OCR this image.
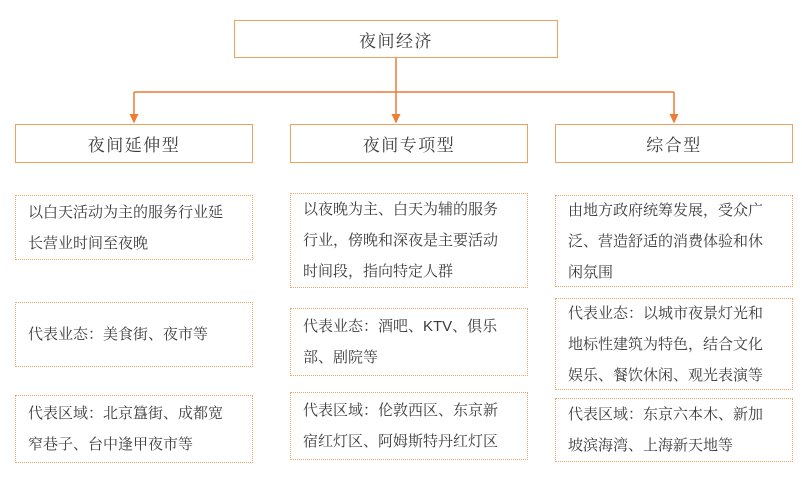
夜间经济
夜间延伸型	夜间专项型	综合型
以白天活动为主的服务行业延长营业时间至夜晚
代表业态：美食街、夜市等
代表区域：北京簋街、成都宽窄巷子、台中逢甲夜市等
以夜晚为主、白天为辅的服务行业，傍晚和深夜是主要活动时间段，指向特定人群
代表业态：酒吧、KTV、俱乐部、剧院等
代表区域：伦敦西区、东京新宿红灯区、阿姆斯特丹红灯区
由地方政府统筹发展，受众广泛、营造舒适的消费体验和休闲氛围
代表业态：以城市夜景灯光和地标性建筑为特色，结合文化娱乐、餐饮休闲、观光表演等
代表区域：东京六本木、新加坡滨海湾、上海新天地等
